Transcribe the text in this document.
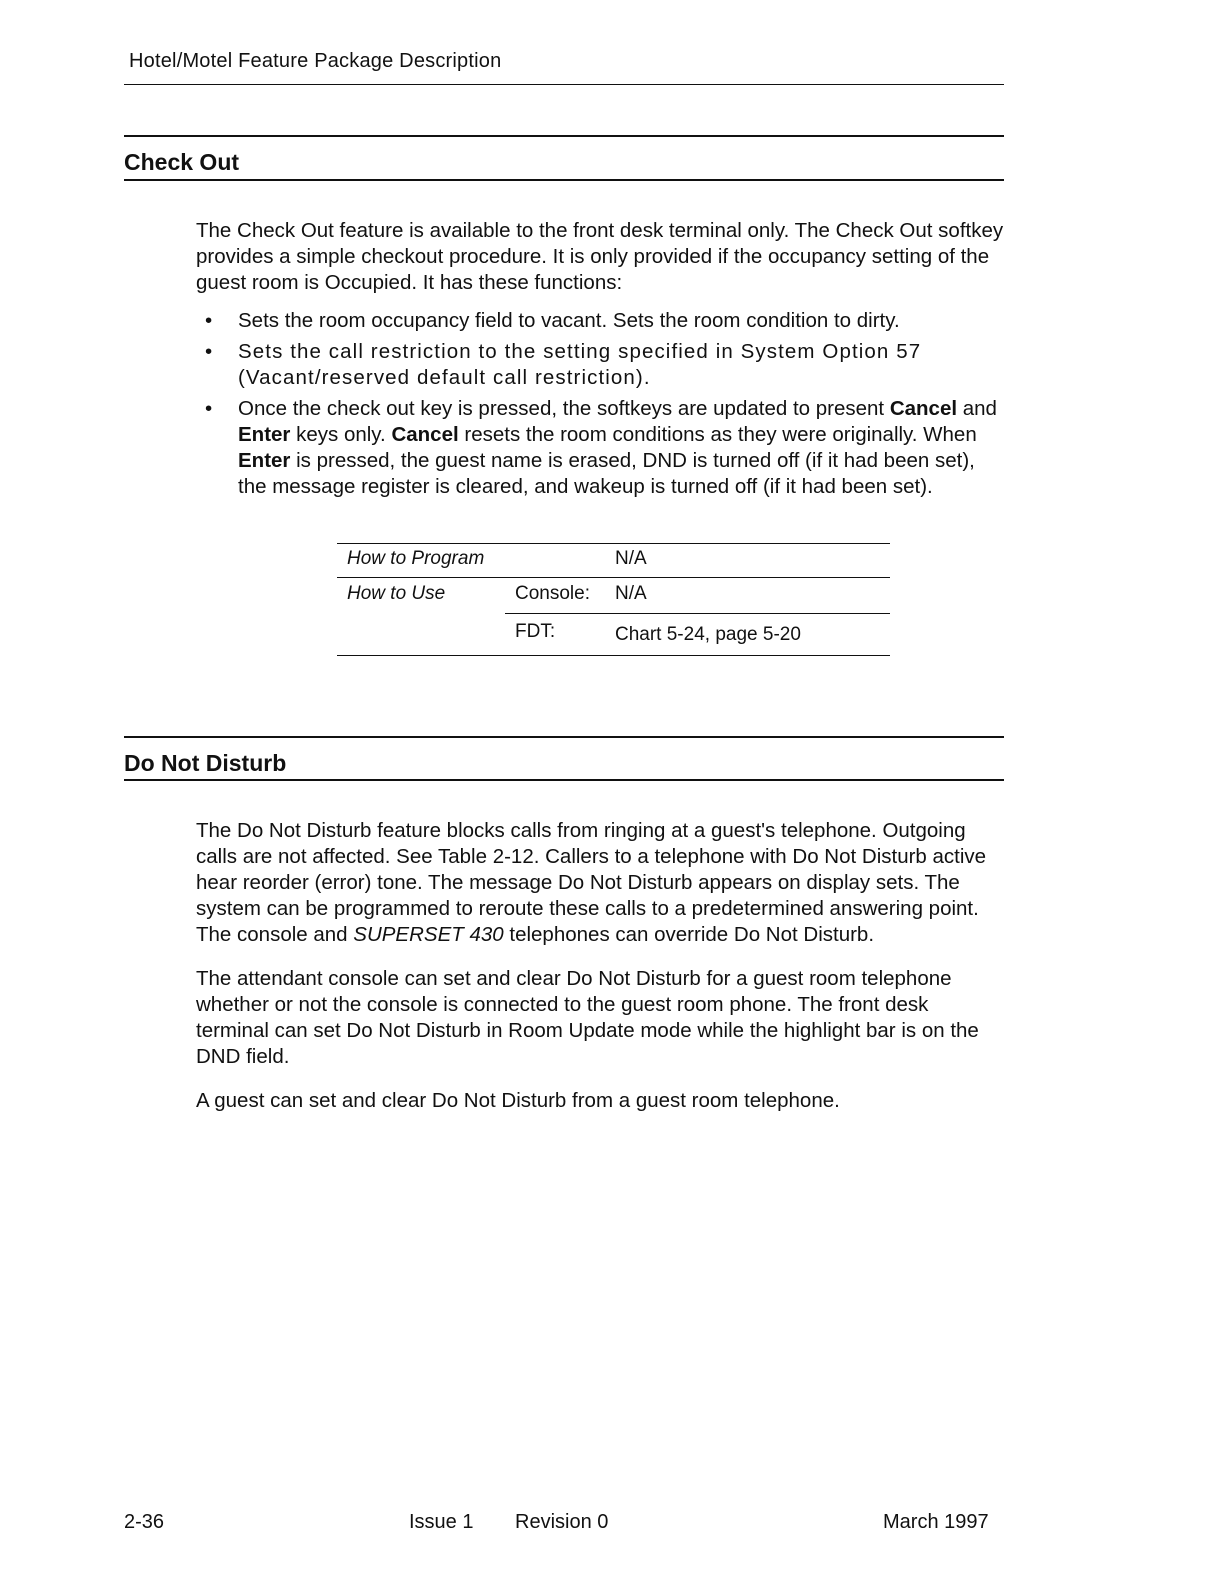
Hotel/Motel Feature Package Description
Check Out

The Check Out feature is available to the front desk terminal only. The Check Out softkey provides a simple checkout procedure. It is only provided if the occupancy setting of the guest room is Occupied. It has these functions:

• Sets the room occupancy field to vacant. Sets the room condition to dirty.
• Sets the call restriction to the setting specified in System Option 57 (Vacant/reserved default call restriction).
• Once the check out key is pressed, the softkeys are updated to present Cancel and Enter keys only. Cancel resets the room conditions as they were originally. When Enter is pressed, the guest name is erased, DND is turned off (if it had been set), the message register is cleared, and wakeup is turned off (if it had been set).
How to Program	N/A
How to Use	Console: N/A
FDT:	Chart 5-24, page 5-20
Do Not Disturb

The Do Not Disturb feature blocks calls from ringing at a guest's telephone. Outgoing calls are not affected. See Table 2-12. Callers to a telephone with Do Not Disturb active hear reorder (error) tone. The message Do Not Disturb appears on display sets. The system can be programmed to reroute these calls to a predetermined answering point. The console and SUPERSET 430 telephones can override Do Not Disturb.

The attendant console can set and clear Do Not Disturb for a guest room telephone whether or not the console is connected to the guest room phone. The front desk terminal can set Do Not Disturb in Room Update mode while the highlight bar is on the DND field.

A guest can set and clear Do Not Disturb from a guest room telephone.

2-36	Issue 1 Revision 0	March 1997
